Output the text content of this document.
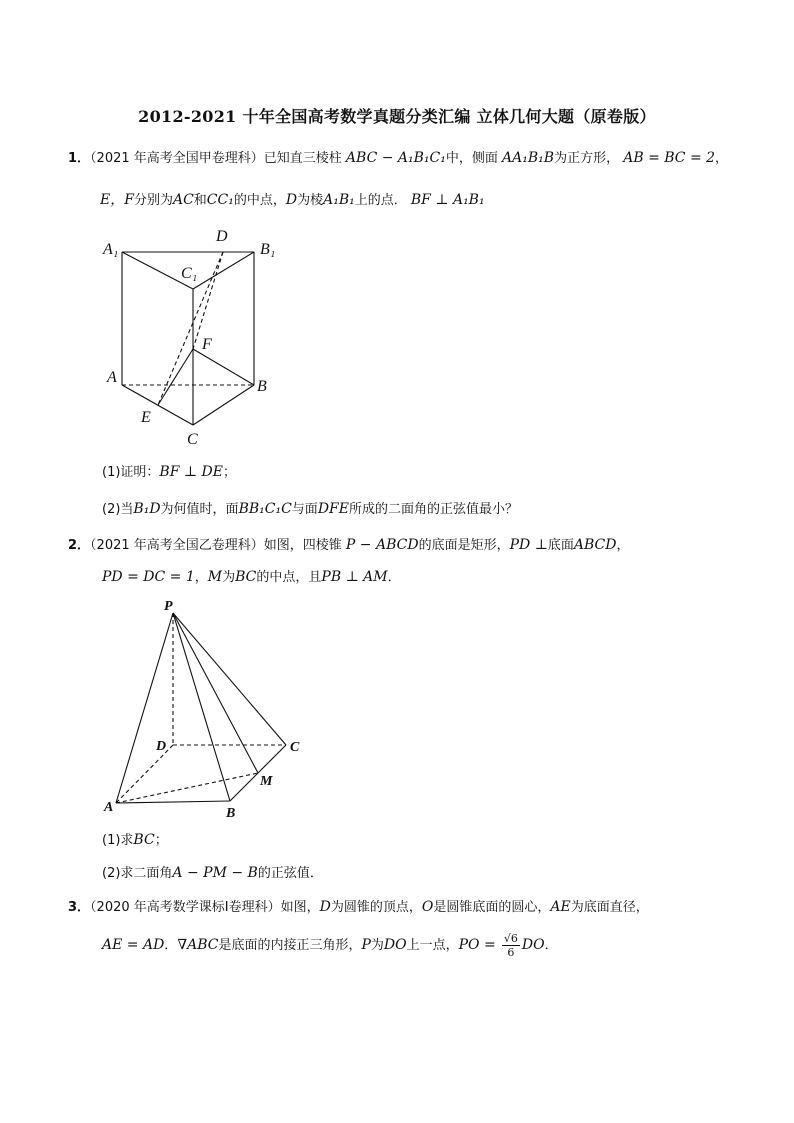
2012-2021 十年全国高考数学真题分类汇编 立体几何大题（原卷版）
1．（2021 年高考全国甲卷理科）已知直三棱柱 ABC − A₁B₁C₁中，侧面 AA₁B₁B为正方形， AB = BC = 2，
E，F分别为AC和CC₁的中点，D为棱A₁B₁上的点． BF ⊥ A₁B₁
A₁
D
B₁
C₁
F
A
B
E
C
(1)证明：BF ⊥ DE；
(2)当B₁D为何值时，面BB₁C₁C与面DFE所成的二面角的正弦值最小？
2．（2021 年高考全国乙卷理科）如图，四棱锥 P − ABCD的底面是矩形，PD ⊥底面ABCD，
PD = DC = 1，M为BC的中点，且PB ⊥ AM．
P
D	C
M
A	B
(1)求BC；
(2)求二面角A − PM − B的正弦值．
3．（2020 年高考数学课标Ⅰ卷理科）如图，D为圆锥的顶点，O是圆锥底面的圆心，AE为底面直径，
AE = AD．∇ABC是底面的内接正三角形，P为DO上一点，PO = $\frac{√6}{6}$ DO．
